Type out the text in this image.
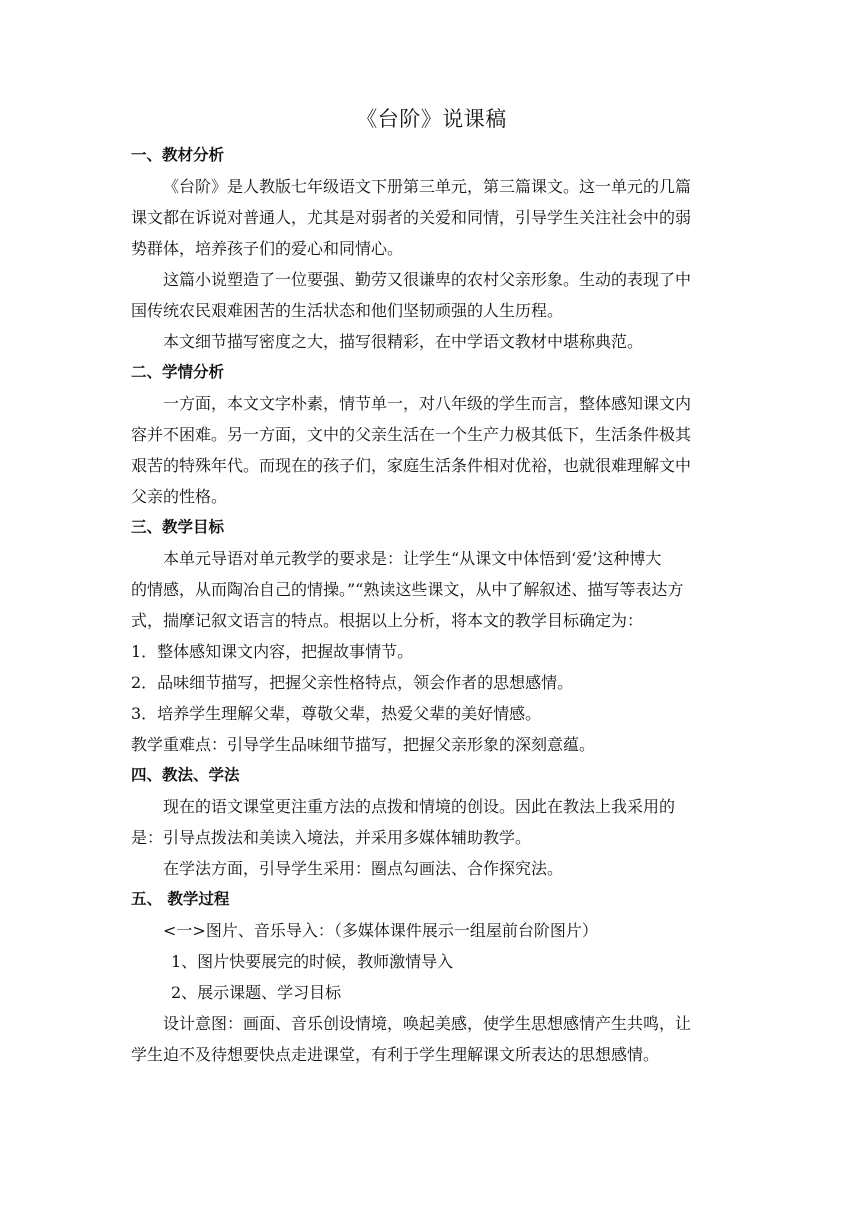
《台阶》说课稿
一、教材分析
《台阶》是人教版七年级语文下册第三单元，第三篇课文。这一单元的几篇
课文都在诉说对普通人，尤其是对弱者的关爱和同情，引导学生关注社会中的弱
势群体，培养孩子们的爱心和同情心。
这篇小说塑造了一位要强、勤劳又很谦卑的农村父亲形象。生动的表现了中
国传统农民艰难困苦的生活状态和他们坚韧顽强的人生历程。
本文细节描写密度之大，描写很精彩，在中学语文教材中堪称典范。
二、学情分析
一方面，本文文字朴素，情节单一，对八年级的学生而言，整体感知课文内
容并不困难。另一方面，文中的父亲生活在一个生产力极其低下，生活条件极其
艰苦的特殊年代。而现在的孩子们，家庭生活条件相对优裕，也就很难理解文中
父亲的性格。
三、教学目标
本单元导语对单元教学的要求是：让学生“从课文中体悟到‘爱’这种博大
的情感，从而陶冶自己的情操。”“熟读这些课文，从中了解叙述、描写等表达方
式，揣摩记叙文语言的特点。根据以上分析，将本文的教学目标确定为：
1．整体感知课文内容，把握故事情节。
2．品味细节描写，把握父亲性格特点，领会作者的思想感情。
3．培养学生理解父辈，尊敬父辈，热爱父辈的美好情感。
教学重难点：引导学生品味细节描写，把握父亲形象的深刻意蕴。
四、教法、学法
现在的语文课堂更注重方法的点拨和情境的创设。因此在教法上我采用的
是：引导点拨法和美读入境法，并采用多媒体辅助教学。
在学法方面，引导学生采用：圈点勾画法、合作探究法。
五、 教学过程
<一>图片、音乐导入：（多媒体课件展示一组屋前台阶图片）
1、图片快要展完的时候，教师激情导入
2、展示课题、学习目标
设计意图：画面、音乐创设情境，唤起美感，使学生思想感情产生共鸣，让
学生迫不及待想要快点走进课堂，有利于学生理解课文所表达的思想感情。
